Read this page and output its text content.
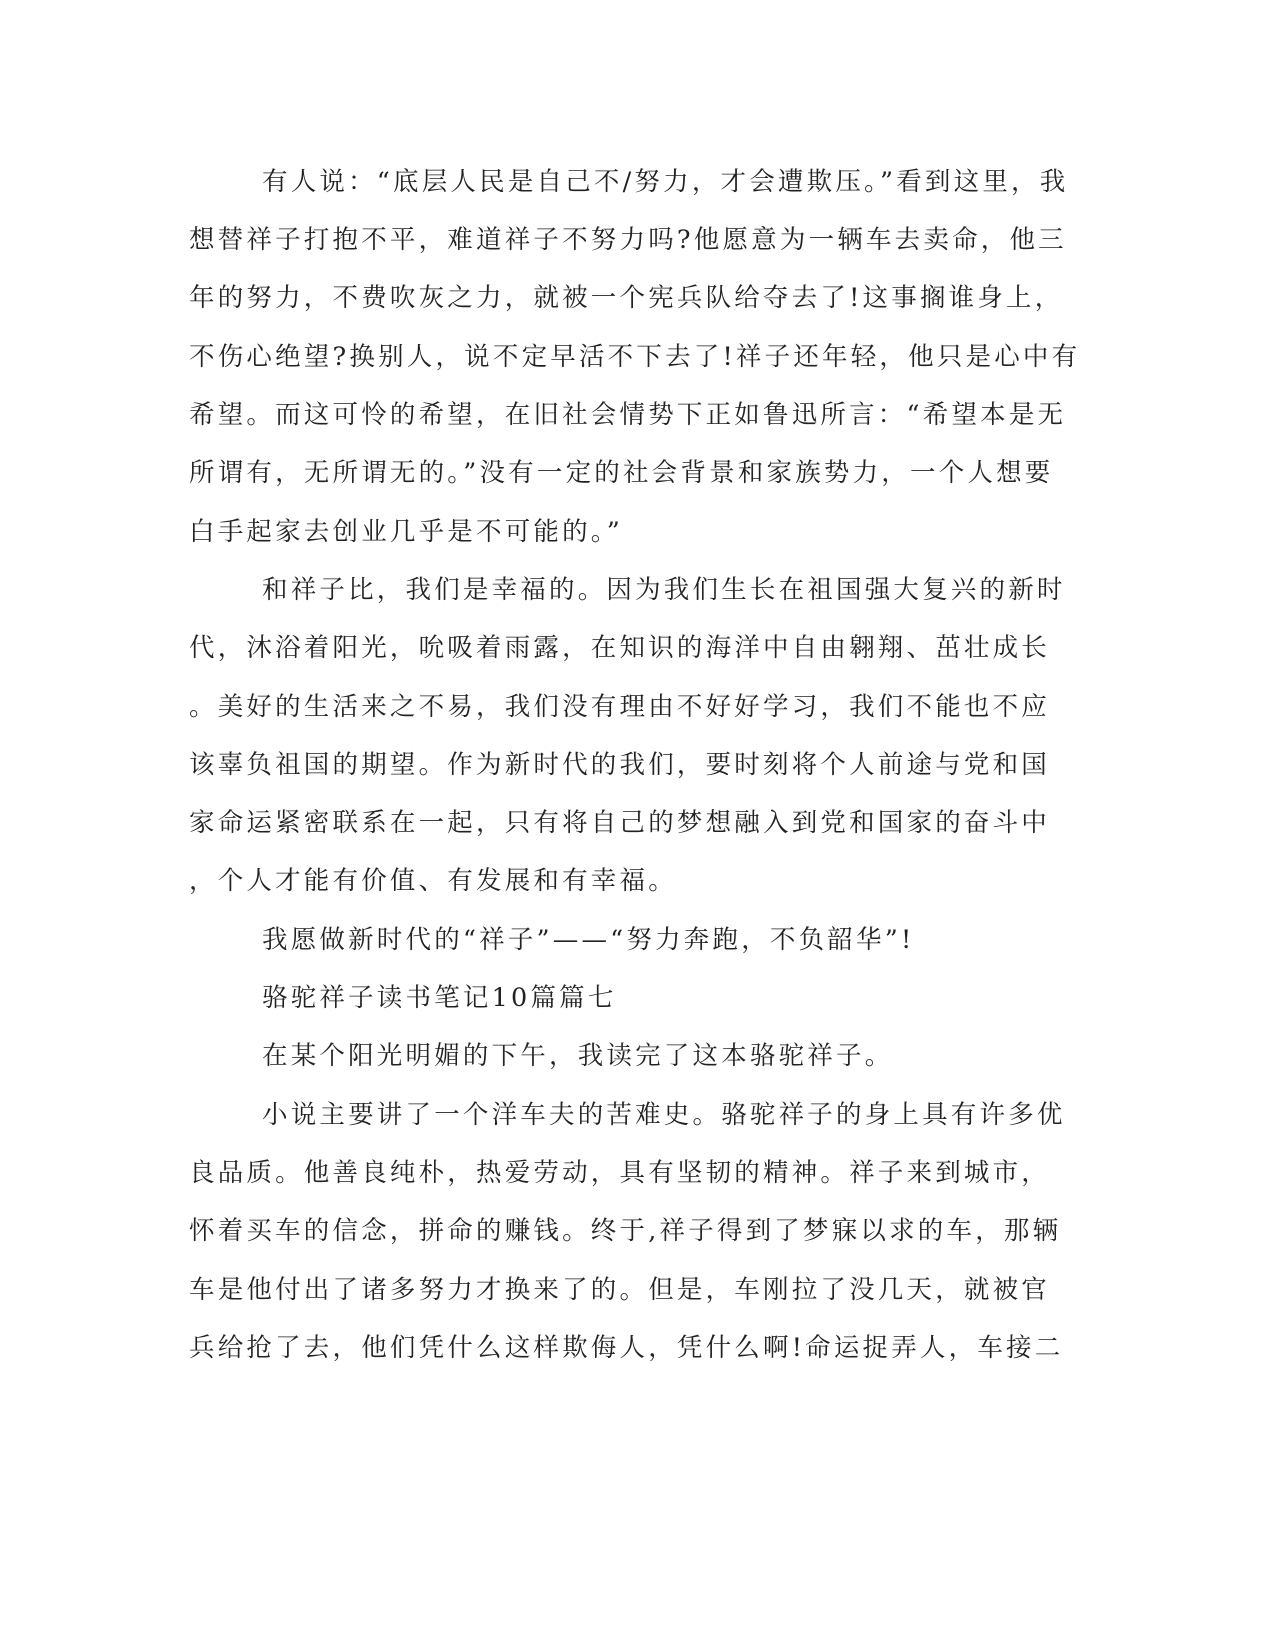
有人说：“底层人民是自己不/努力，才会遭欺压。”看到这里，我
想替祥子打抱不平，难道祥子不努力吗?他愿意为一辆车去卖命，他三
年的努力，不费吹灰之力，就被一个宪兵队给夺去了!这事搁谁身上，
不伤心绝望?换别人，说不定早活不下去了!祥子还年轻，他只是心中有
希望。而这可怜的希望，在旧社会情势下正如鲁迅所言：“希望本是无
所谓有，无所谓无的。”没有一定的社会背景和家族势力，一个人想要
白手起家去创业几乎是不可能的。”
和祥子比，我们是幸福的。因为我们生长在祖国强大复兴的新时
代，沐浴着阳光，吮吸着雨露，在知识的海洋中自由翱翔、茁壮成长
。美好的生活来之不易，我们没有理由不好好学习，我们不能也不应
该辜负祖国的期望。作为新时代的我们，要时刻将个人前途与党和国
家命运紧密联系在一起，只有将自己的梦想融入到党和国家的奋斗中
，个人才能有价值、有发展和有幸福。
我愿做新时代的“祥子”——“努力奔跑，不负韶华”!
骆驼祥子读书笔记10篇篇七
在某个阳光明媚的下午，我读完了这本骆驼祥子。
小说主要讲了一个洋车夫的苦难史。骆驼祥子的身上具有许多优
良品质。他善良纯朴，热爱劳动，具有坚韧的精神。祥子来到城市，
怀着买车的信念，拼命的赚钱。终于,祥子得到了梦寐以求的车，那辆
车是他付出了诸多努力才换来了的。但是，车刚拉了没几天，就被官
兵给抢了去，他们凭什么这样欺侮人，凭什么啊!命运捉弄人，车接二
